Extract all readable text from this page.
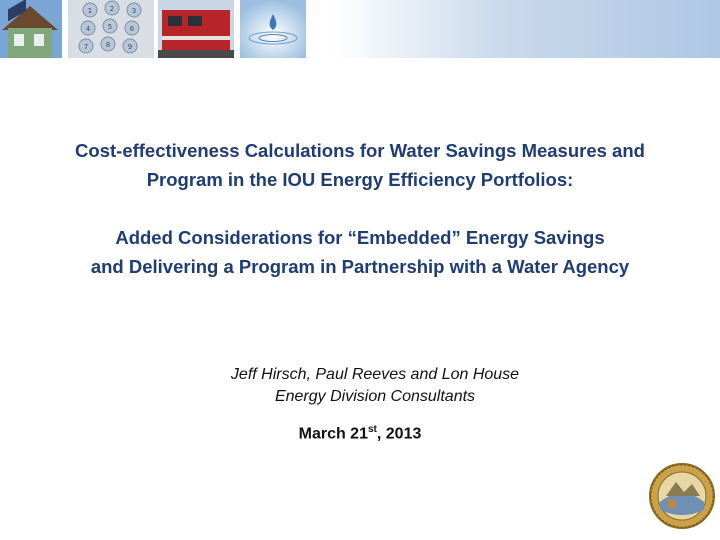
1	2	3
4	5	6
7	8	9
Cost-effectiveness Calculations for Water Savings Measures and
Program in the IOU Energy Efficiency Portfolios:
Added Considerations for “Embedded” Energy Savings
and Delivering a Program in Partnership with a Water Agency
Jeff Hirsch, Paul Reeves and Lon House
Energy Division Consultants
March 21st, 2013
